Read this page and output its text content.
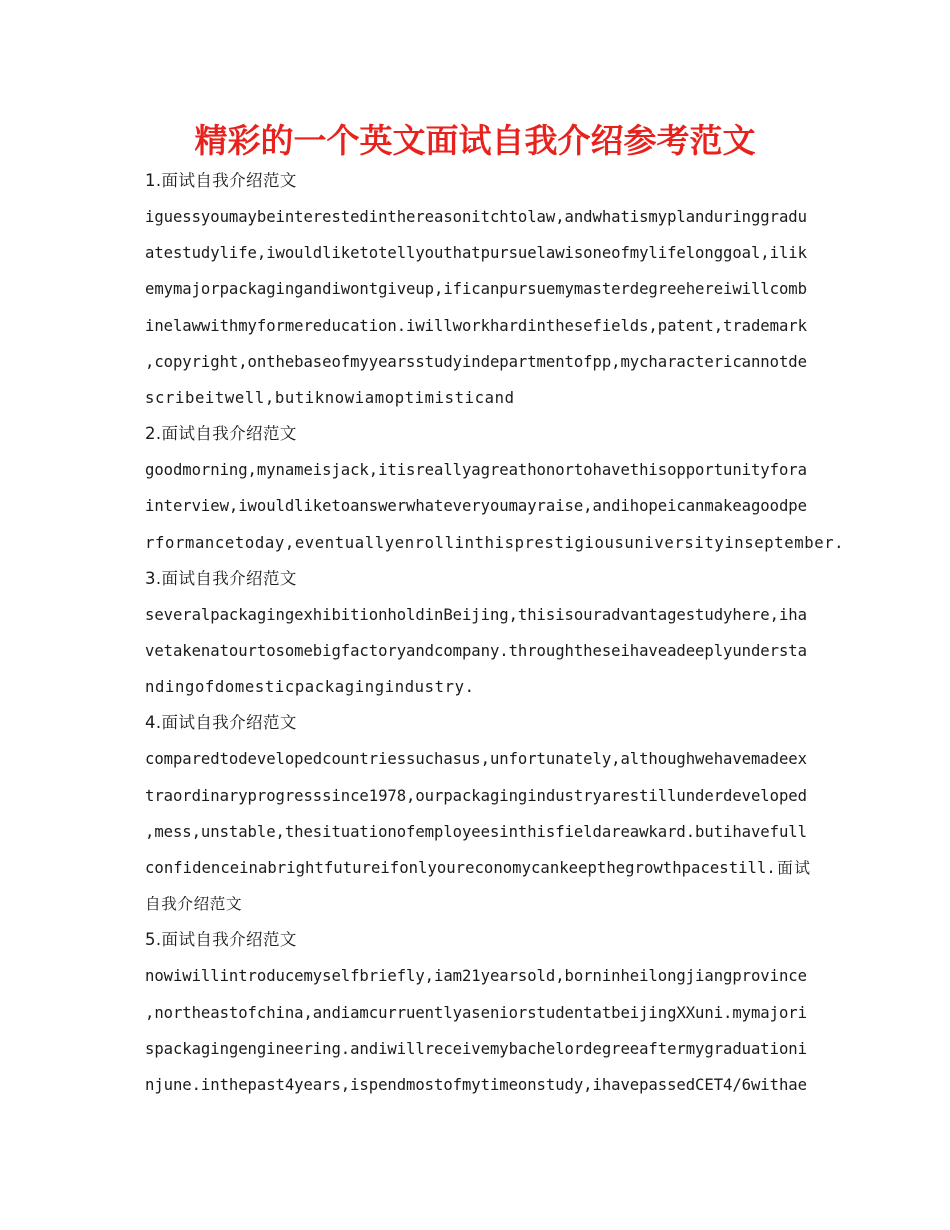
精彩的一个英文面试自我介绍参考范文
1.面试自我介绍范文
iguessyoumaybeinterestedinthereasonitchtolaw,andwhatismyplanduringgradu
atestudylife,iwouldliketotellyouthatpursuelawisoneofmylifelonggoal,ilik
emymajorpackagingandiwontgiveup,ificanpursuemymasterdegreehereiwillcomb
inelawwithmyformereducation.iwillworkhardinthesefields,patent,trademark
,copyright,onthebaseofmyyearsstudyindepartmentofpp,mycharactericannotde
scribeitwell,butiknowiamoptimisticand
2.面试自我介绍范文
goodmorning,mynameisjack,itisreallyagreathonortohavethisopportunityfora
interview,iwouldliketoanswerwhateveryoumayraise,andihopeicanmakeagoodpe
rformancetoday,eventuallyenrollinthisprestigiousuniversityinseptember.
3.面试自我介绍范文
severalpackagingexhibitionholdinBeijing,thisisouradvantagestudyhere,iha
vetakenatourtosomebigfactoryandcompany.throughtheseihaveadeeplyundersta
ndingofdomesticpackagingindustry.
4.面试自我介绍范文
comparedtodevelopedcountriessuchasus,unfortunately,althoughwehavemadeex
traordinaryprogresssince1978,ourpackagingindustryarestillunderdeveloped
,mess,unstable,thesituationofemployeesinthisfieldareawkard.butihavefull
confidenceinabrightfutureifonlyoureconomycankeepthegrowthpacestill.面试
自我介绍范文
5.面试自我介绍范文
nowiwillintroducemyselfbriefly,iam21yearsold,borninheilongjiangprovince
,northeastofchina,andiamcurruentlyaseniorstudentatbeijingXXuni.mymajori
spackagingengineering.andiwillreceivemybachelordegreeaftermygraduationi
njune.inthepast4years,ispendmostofmytimeonstudy,ihavepassedCET4/6withae
